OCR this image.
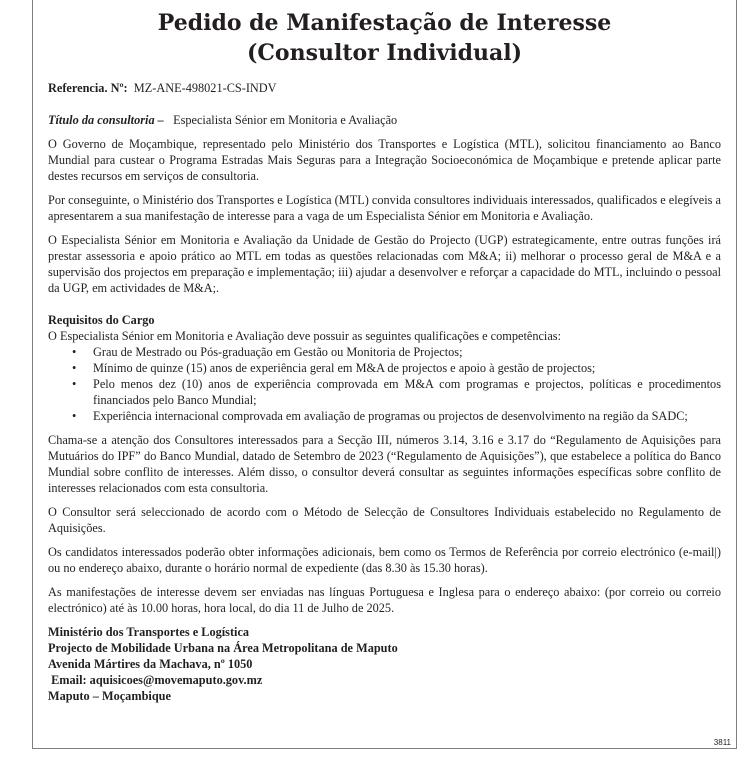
Pedido de Manifestação de Interesse
(Consultor Individual)

Referencia. Nº: MZ-ANE-498021-CS-INDV

Título da consultoria – Especialista Sénior em Monitoria e Avaliação

O Governo de Moçambique, representado pelo Ministério dos Transportes e Logística (MTL), solicitou financiamento ao Banco Mundial para custear o Programa Estradas Mais Seguras para a Integração Socioeconómica de Moçambique e pretende aplicar parte destes recursos em serviços de consultoria.

Por conseguinte, o Ministério dos Transportes e Logística (MTL) convida consultores individuais interessados, qualificados e elegíveis a apresentarem a sua manifestação de interesse para a vaga de um Especialista Sénior em Monitoria e Avaliação.

O Especialista Sénior em Monitoria e Avaliação da Unidade de Gestão do Projecto (UGP) estrategicamente, entre outras funções irá prestar assessoria e apoio prático ao MTL em todas as questões relacionadas com M&A; ii) melhorar o processo geral de M&A e a supervisão dos projectos em preparação e implementação; iii) ajudar a desenvolver e reforçar a capacidade do MTL, incluindo o pessoal da UGP, em actividades de M&A;.

Requisitos do Cargo

O Especialista Sénior em Monitoria e Avaliação deve possuir as seguintes qualificações e competências:

• Grau de Mestrado ou Pós-graduação em Gestão ou Monitoria de Projectos;
• Mínimo de quinze (15) anos de experiência geral em M&A de projectos e apoio à gestão de projectos;
• Pelo menos dez (10) anos de experiência comprovada em M&A com programas e projectos, políticas e procedimentos financiados pelo Banco Mundial;
• Experiência internacional comprovada em avaliação de programas ou projectos de desenvolvimento na região da SADC;

Chama-se a atenção dos Consultores interessados para a Secção III, números 3.14, 3.16 e 3.17 do “Regulamento de Aquisições para Mutuários do IPF” do Banco Mundial, datado de Setembro de 2023 (“Regulamento de Aquisições”), que estabelece a política do Banco Mundial sobre conflito de interesses. Além disso, o consultor deverá consultar as seguintes informações específicas sobre conflito de interesses relacionados com esta consultoria.

O Consultor será seleccionado de acordo com o Método de Selecção de Consultores Individuais estabelecido no Regulamento de Aquisições.

Os candidatos interessados poderão obter informações adicionais, bem como os Termos de Referência por correio electrónico (e-mail|) ou no endereço abaixo, durante o horário normal de expediente (das 8.30 às 15.30 horas).

As manifestações de interesse devem ser enviadas nas línguas Portuguesa e Inglesa para o endereço abaixo: (por correio ou correio electrónico) até às 10.00 horas, hora local, do dia 11 de Julho de 2025.

Ministério dos Transportes e Logística

Projecto de Mobilidade Urbana na Área Metropolitana de Maputo

Avenida Mártires da Machava, nº 1050

Email: aquisicoes@movemaputo.gov.mz

Maputo – Moçambique

3811
